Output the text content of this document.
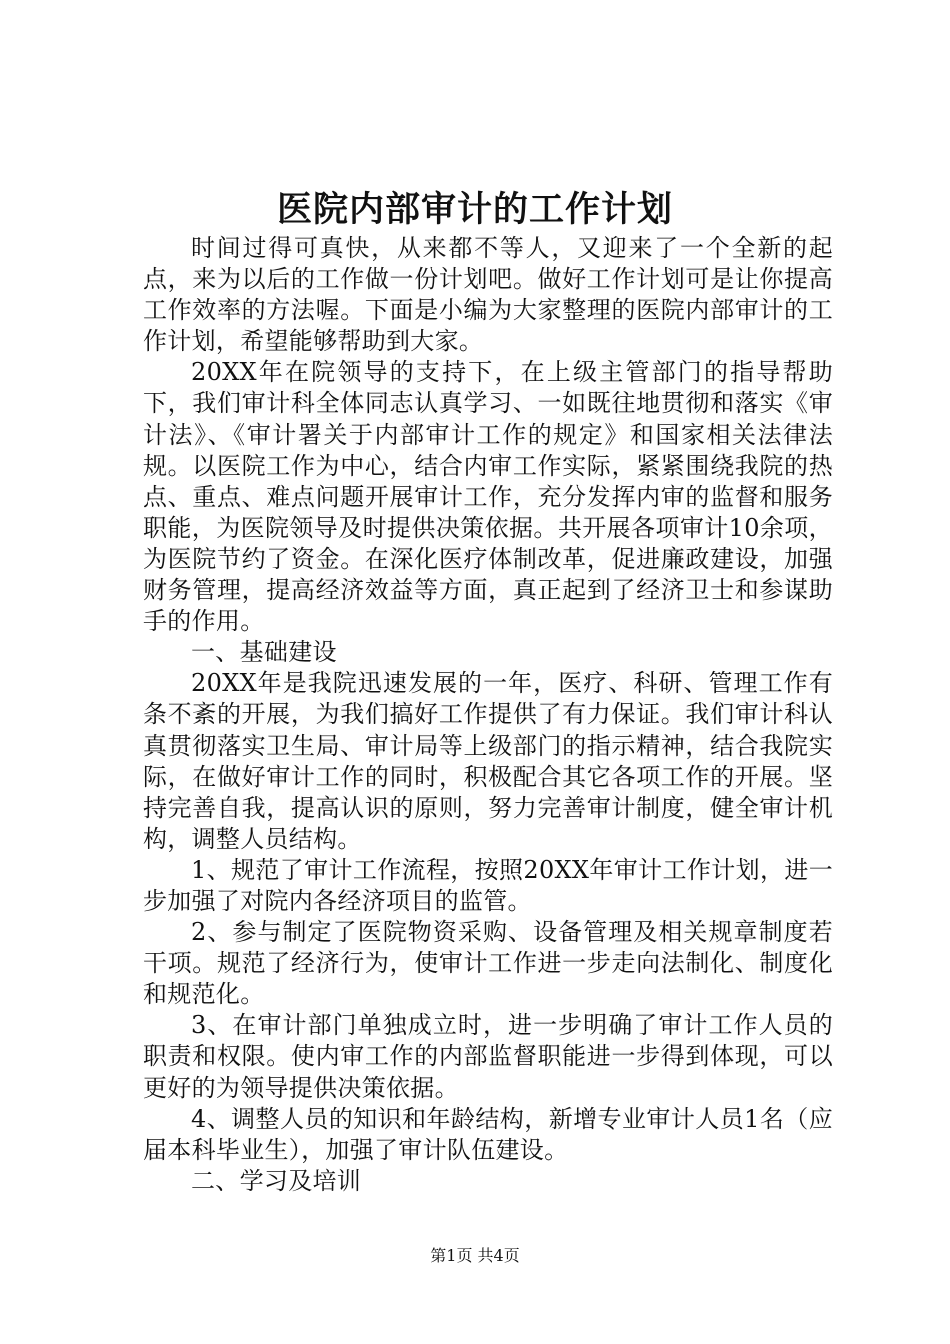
医院内部审计的工作计划

时间过得可真快，从来都不等人，又迎来了一个全新的起点，来为以后的工作做一份计划吧。做好工作计划可是让你提高工作效率的方法喔。下面是小编为大家整理的医院内部审计的工作计划，希望能够帮助到大家。

20XX年在院领导的支持下，在上级主管部门的指导帮助下，我们审计科全体同志认真学习、一如既往地贯彻和落实《审计法》、《审计署关于内部审计工作的规定》和国家相关法律法规。以医院工作为中心，结合内审工作实际，紧紧围绕我院的热点、重点、难点问题开展审计工作，充分发挥内审的监督和服务职能，为医院领导及时提供决策依据。共开展各项审计10余项，为医院节约了资金。在深化医疗体制改革，促进廉政建设，加强财务管理，提高经济效益等方面，真正起到了经济卫士和参谋助手的作用。

一、基础建设

20XX年是我院迅速发展的一年，医疗、科研、管理工作有条不紊的开展，为我们搞好工作提供了有力保证。我们审计科认真贯彻落实卫生局、审计局等上级部门的指示精神，结合我院实际，在做好审计工作的同时，积极配合其它各项工作的开展。坚持完善自我，提高认识的原则，努力完善审计制度，健全审计机构，调整人员结构。

1、规范了审计工作流程，按照20XX年审计工作计划，进一步加强了对院内各经济项目的监管。

2、参与制定了医院物资采购、设备管理及相关规章制度若干项。规范了经济行为，使审计工作进一步走向法制化、制度化和规范化。

3、在审计部门单独成立时，进一步明确了审计工作人员的职责和权限。使内审工作的内部监督职能进一步得到体现，可以更好的为领导提供决策依据。

4、调整人员的知识和年龄结构，新增专业审计人员1名（应届本科毕业生），加强了审计队伍建设。

二、学习及培训

第1页 共4页
